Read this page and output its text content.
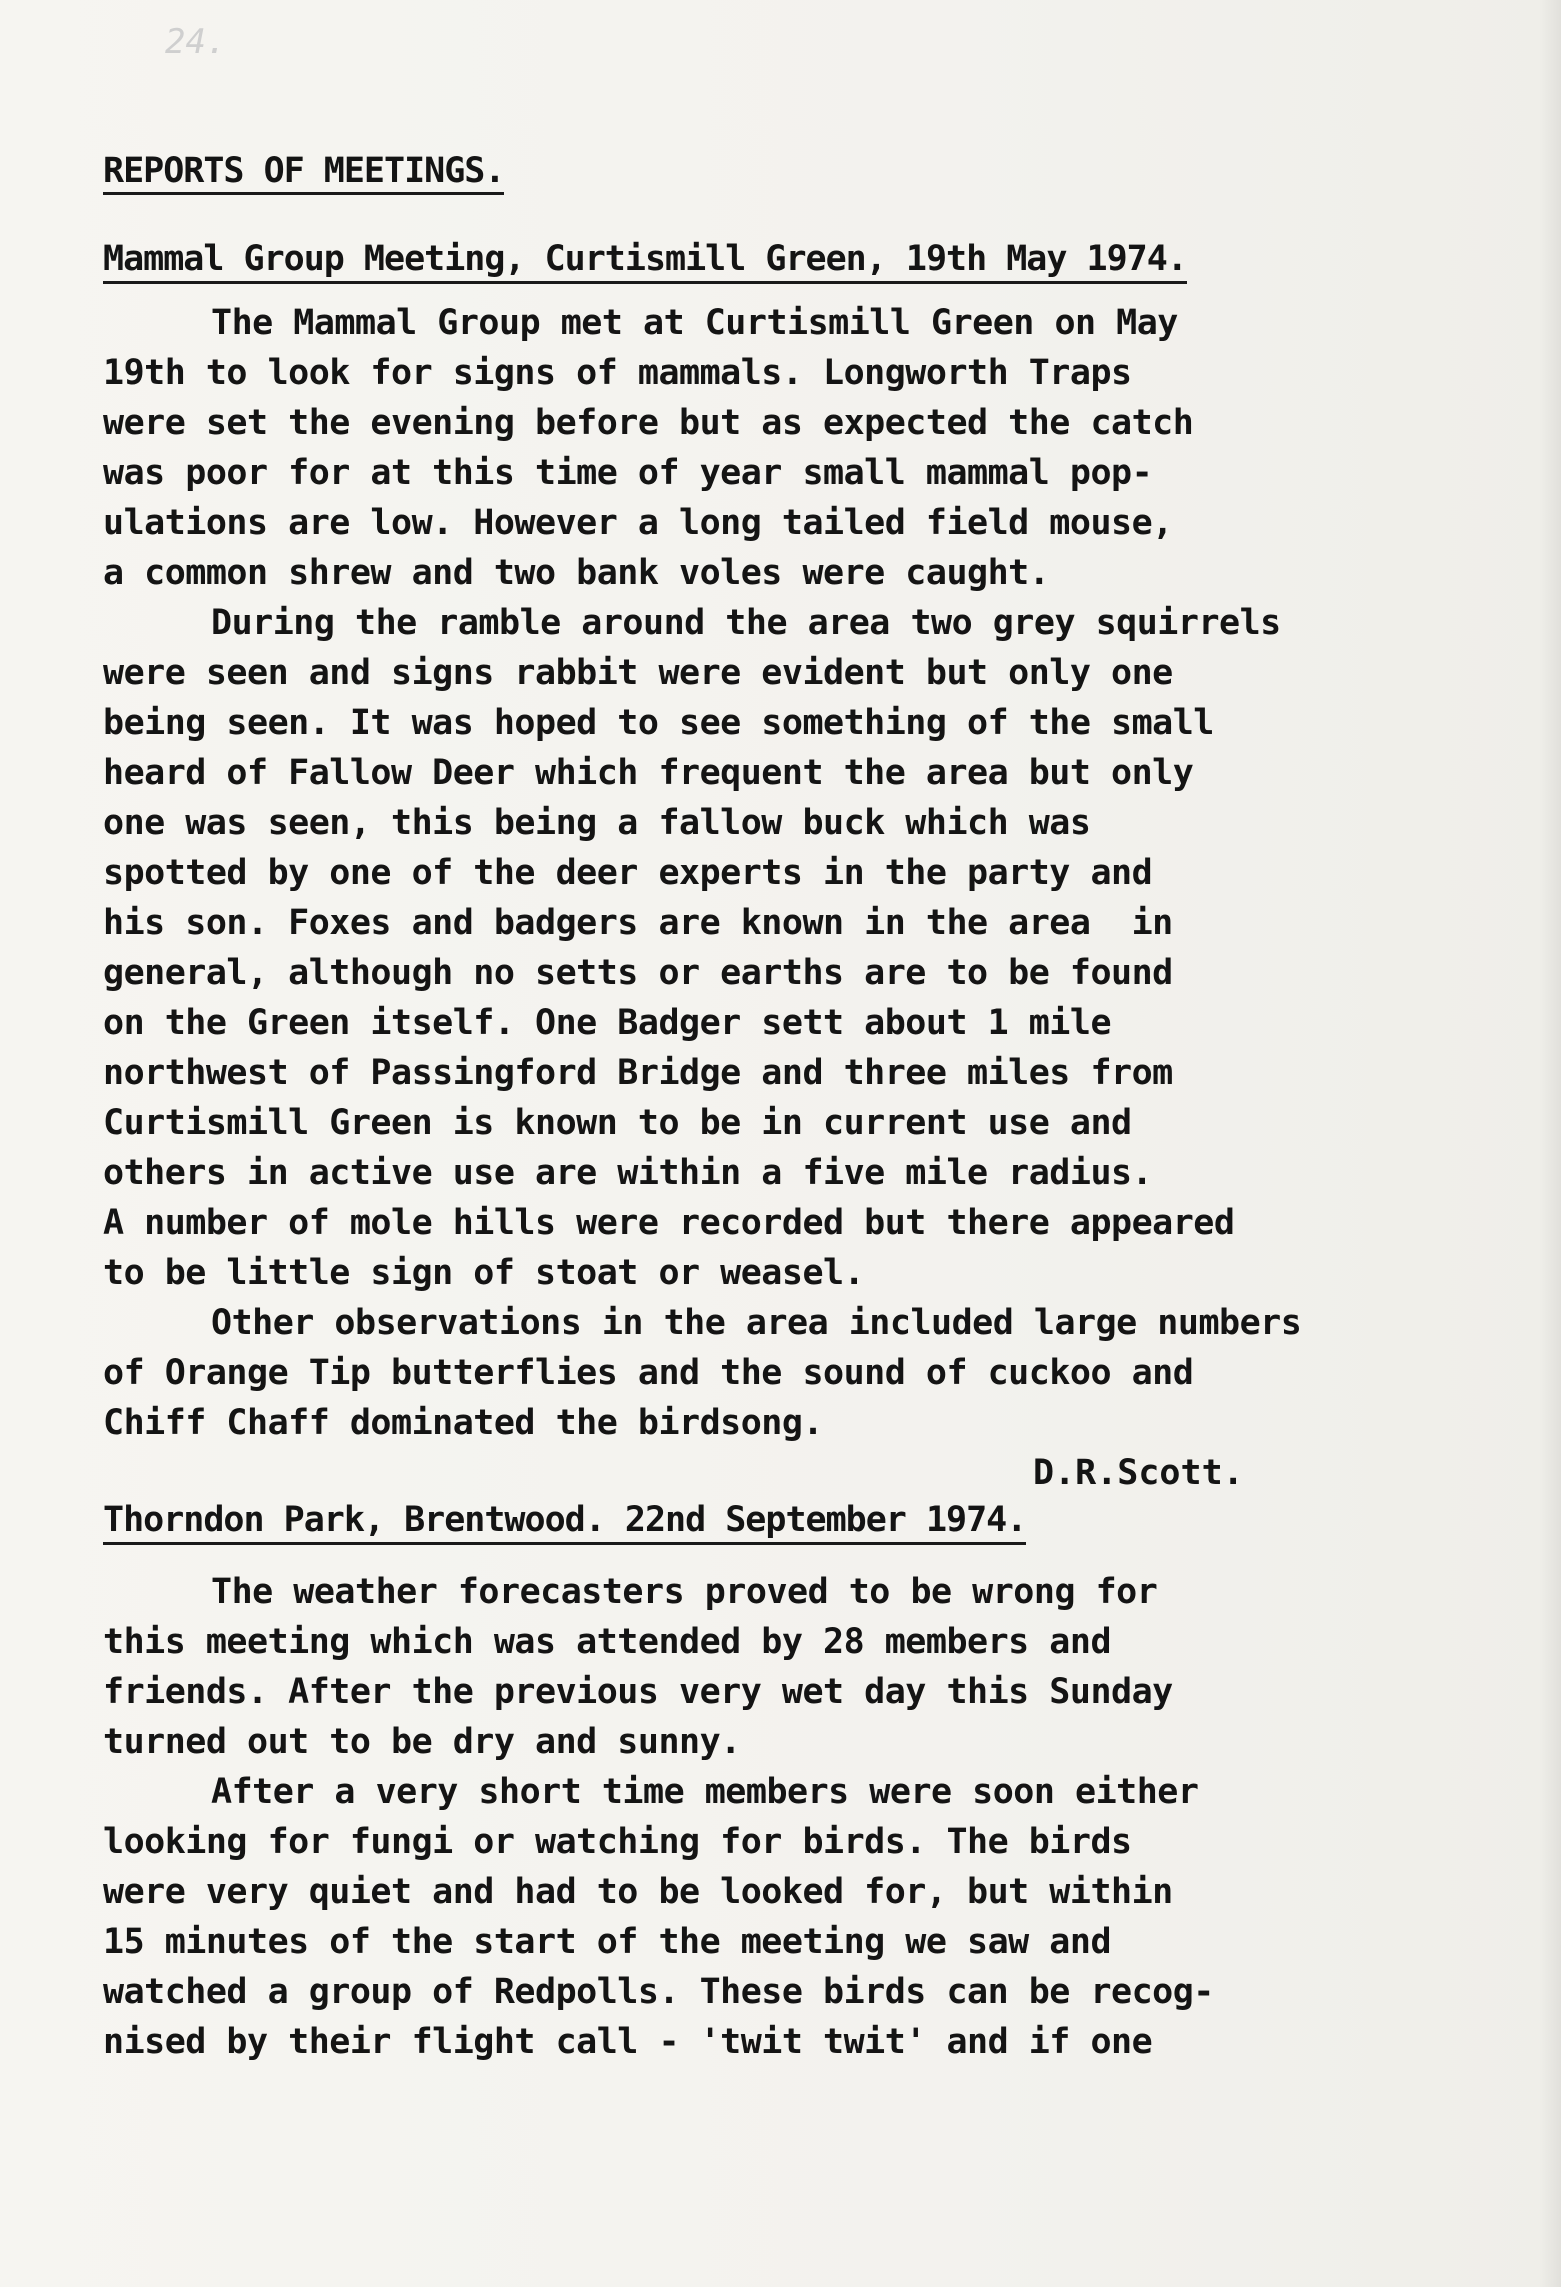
24.
REPORTS OF MEETINGS.
Mammal Group Meeting, Curtismill Green, 19th May 1974.

The Mammal Group met at Curtismill Green on May

19th to look for signs of mammals. Longworth Traps

were set the evening before but as expected the catch

was poor for at this time of year small mammal pop-

ulations are low. However a long tailed field mouse,

a common shrew and two bank voles were caught.

During the ramble around the area two grey squirrels

were seen and signs rabbit were evident but only one

being seen. It was hoped to see something of the small

heard of Fallow Deer which frequent the area but only

one was seen, this being a fallow buck which was

spotted by one of the deer experts in the party and

his son. Foxes and badgers are known in the area  in

general, although no setts or earths are to be found

on the Green itself. One Badger sett about 1 mile

northwest of Passingford Bridge and three miles from

Curtismill Green is known to be in current use and

others in active use are within a five mile radius.

A number of mole hills were recorded but there appeared

to be little sign of stoat or weasel.

Other observations in the area included large numbers

of Orange Tip butterflies and the sound of cuckoo and

Chiff Chaff dominated the birdsong.

D.R.Scott.

Thorndon Park, Brentwood. 22nd September 1974.

The weather forecasters proved to be wrong for

this meeting which was attended by 28 members and

friends. After the previous very wet day this Sunday

turned out to be dry and sunny.

After a very short time members were soon either

looking for fungi or watching for birds. The birds

were very quiet and had to be looked for, but within

15 minutes of the start of the meeting we saw and

watched a group of Redpolls. These birds can be recog-

nised by their flight call - 'twit twit' and if one
